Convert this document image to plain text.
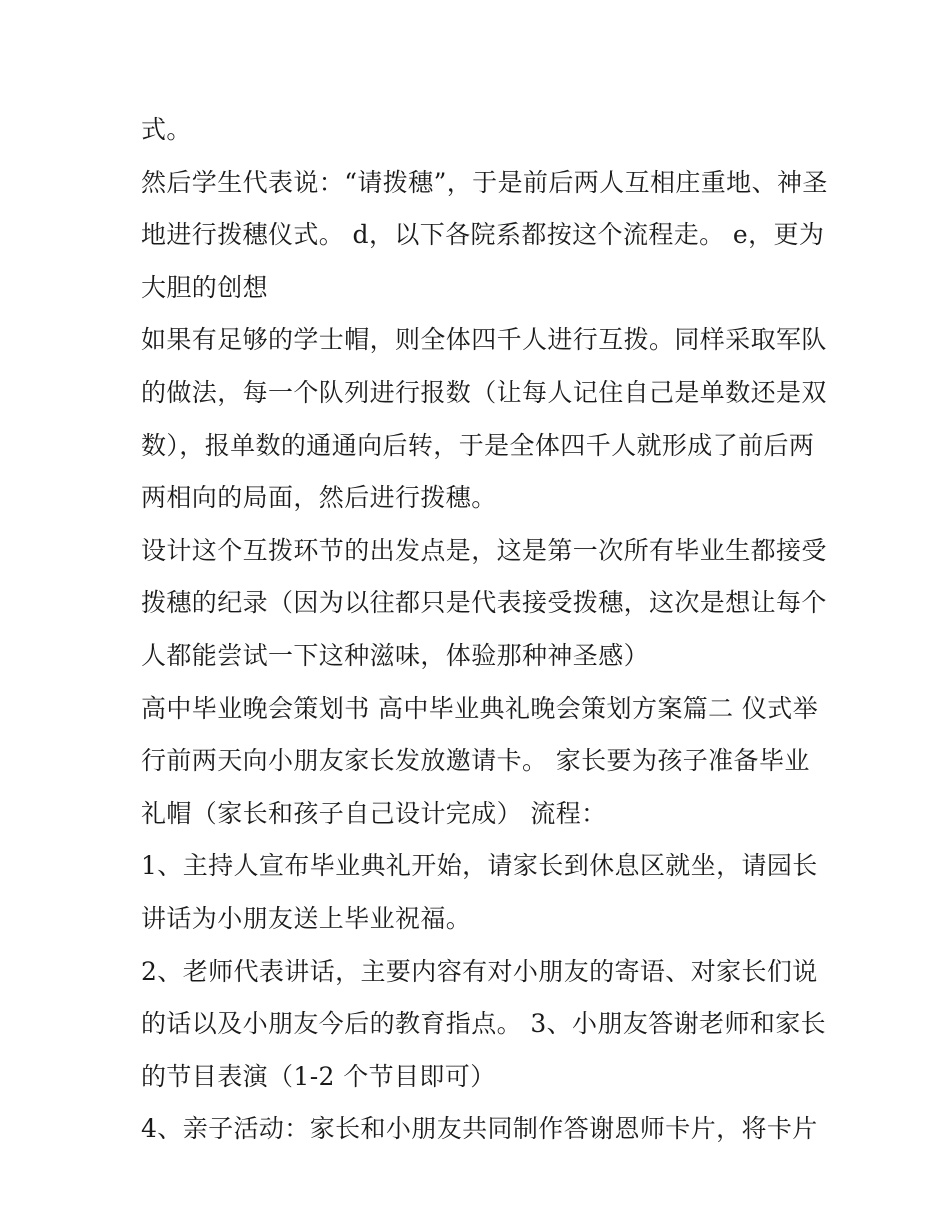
式。
然后学生代表说：“请拨穗”，于是前后两人互相庄重地、神圣
地进行拨穗仪式。 d，以下各院系都按这个流程走。 e，更为
大胆的创想
如果有足够的学士帽，则全体四千人进行互拨。同样采取军队
的做法，每一个队列进行报数（让每人记住自己是单数还是双
数），报单数的通通向后转，于是全体四千人就形成了前后两
两相向的局面，然后进行拨穗。
设计这个互拨环节的出发点是，这是第一次所有毕业生都接受
拨穗的纪录（因为以往都只是代表接受拨穗，这次是想让每个
人都能尝试一下这种滋味，体验那种神圣感）
高中毕业晚会策划书 高中毕业典礼晚会策划方案篇二 仪式举
行前两天向小朋友家长发放邀请卡。 家长要为孩子准备毕业
礼帽（家长和孩子自己设计完成） 流程：
1、主持人宣布毕业典礼开始，请家长到休息区就坐，请园长
讲话为小朋友送上毕业祝福。
2、老师代表讲话，主要内容有对小朋友的寄语、对家长们说
的话以及小朋友今后的教育指点。 3、小朋友答谢老师和家长
的节目表演（1-2 个节目即可）
4、亲子活动：家长和小朋友共同制作答谢恩师卡片，将卡片
